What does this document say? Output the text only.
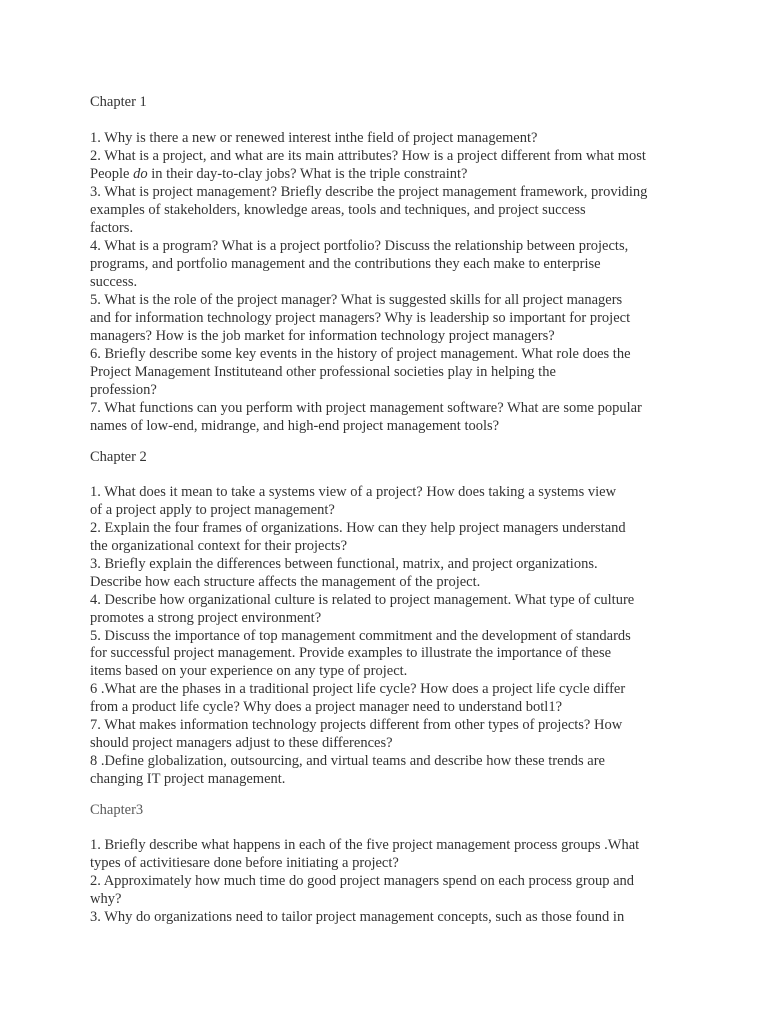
Chapter 1
1. Why is there a new or renewed interest inthe field of project management?
2. What is a project, and what are its main attributes? How is a project different from what most
People do in their day-to-clay jobs? What is the triple constraint?
3. What is project management? Briefly describe the project management framework, providing
examples of stakeholders, knowledge areas, tools and techniques, and project success
factors.
4. What is a program? What is a project portfolio? Discuss the relationship between projects,
programs, and portfolio management and the contributions they each make to enterprise
success.
5. What is the role of the project manager? What is suggested skills for all project managers
and for information technology project managers? Why is leadership so important for project
managers? How is the job market for information technology project managers?
6. Briefly describe some key events in the history of project management. What role does the
Project Management Instituteand other professional societies play in helping the
profession?
7. What functions can you perform with project management software? What are some popular
names of low-end, midrange, and high-end project management tools?
Chapter 2
1. What does it mean to take a systems view of a project? How does taking a systems view
of a project apply to project management?
2. Explain the four frames of organizations. How can they help project managers understand
the organizational context for their projects?
3. Briefly explain the differences between functional, matrix, and project organizations.
Describe how each structure affects the management of the project.
4. Describe how organizational culture is related to project management. What type of culture
promotes a strong project environment?
5. Discuss the importance of top management commitment and the development of standards
for successful project management. Provide examples to illustrate the importance of these
items based on your experience on any type of project.
6 .What are the phases in a traditional project life cycle? How does a project life cycle differ
from a product life cycle? Why does a project manager need to understand botl1?
7. What makes information technology projects different from other types of projects? How
should project managers adjust to these differences?
8 .Define globalization, outsourcing, and virtual teams and describe how these trends are
changing IT project management.
Chapter3
1. Briefly describe what happens in each of the five project management process groups .What
types of activitiesare done before initiating a project?
2. Approximately how much time do good project managers spend on each process group and
why?
3. Why do organizations need to tailor project management concepts, such as those found in
